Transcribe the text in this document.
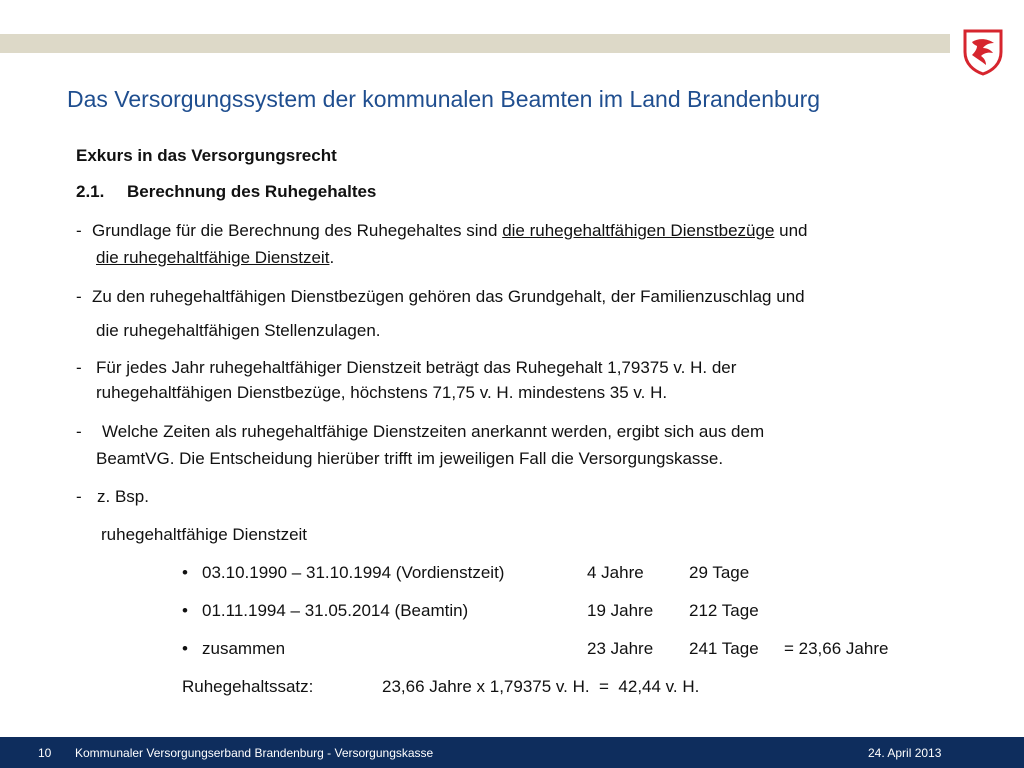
Das Versorgungssystem der kommunalen Beamten im Land Brandenburg
Exkurs in das Versorgungsrecht
2.1. Berechnung des Ruhegehaltes
- Grundlage für die Berechnung des Ruhegehaltes sind die ruhegehaltfähigen Dienstbezüge und
die ruhegehaltfähige Dienstzeit.
- Zu den ruhegehaltfähigen Dienstbezügen gehören das Grundgehalt, der Familienzuschlag und
die ruhegehaltfähigen Stellenzulagen.
- Für jedes Jahr ruhegehaltfähiger Dienstzeit beträgt das Ruhegehalt 1,79375 v. H. der
ruhegehaltfähigen Dienstbezüge, höchstens 71,75 v. H. mindestens 35 v. H.
- Welche Zeiten als ruhegehaltfähige Dienstzeiten anerkannt werden, ergibt sich aus dem
BeamtVG. Die Entscheidung hierüber trifft im jeweiligen Fall die Versorgungskasse.
- z. Bsp.
ruhegehaltfähige Dienstzeit
• 03.10.1990 – 31.10.1994 (Vordienstzeit)	4 Jahre	29 Tage
• 01.11.1994 – 31.05.2014 (Beamtin)	19 Jahre 212 Tage
• zusammen	23 Jahre 241 Tage = 23,66 Jahre
Ruhegehaltssatz:	23,66 Jahre x 1,79375 v. H.  =  42,44 v. H.
10 Kommunaler Versorgungserband Brandenburg - Versorgungskasse	24. April 2013
